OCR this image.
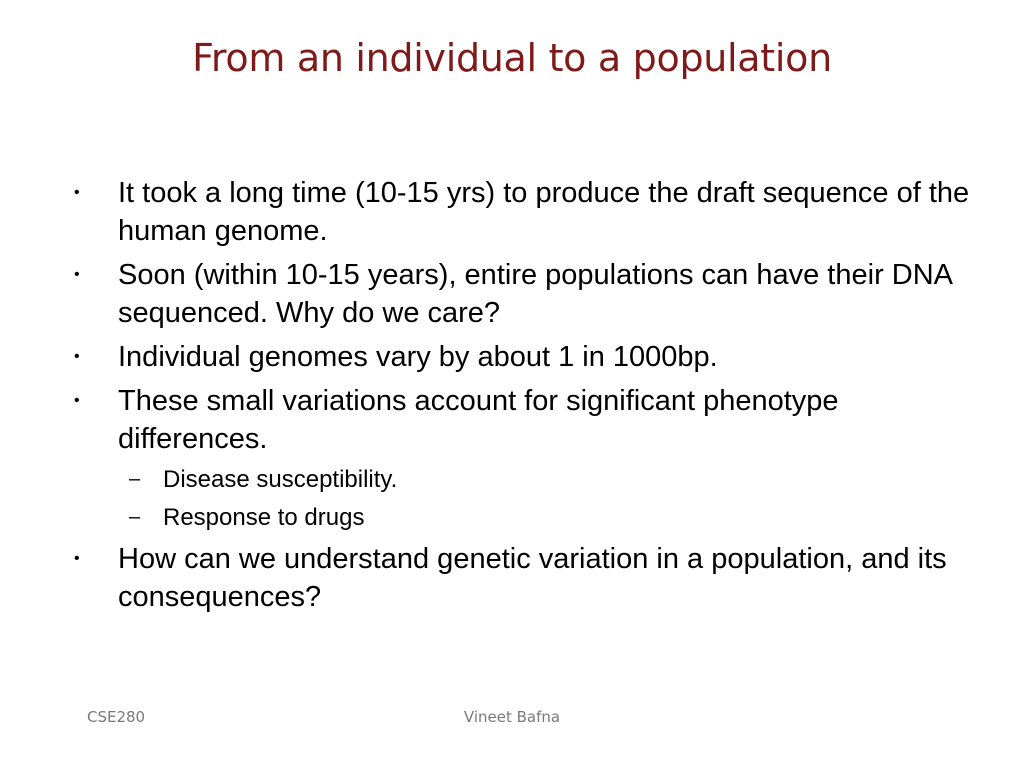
From an individual to a population
• It took a long time (10-15 yrs) to produce the draft sequence of the human genome.
• Soon (within 10-15 years), entire populations can have their DNA sequenced. Why do we care?
• Individual genomes vary by about 1 in 1000bp.
• These small variations account for significant phenotype differences.
– Disease susceptibility.
– Response to drugs
• How can we understand genetic variation in a population, and its consequences?
CSE280	Vineet Bafna
